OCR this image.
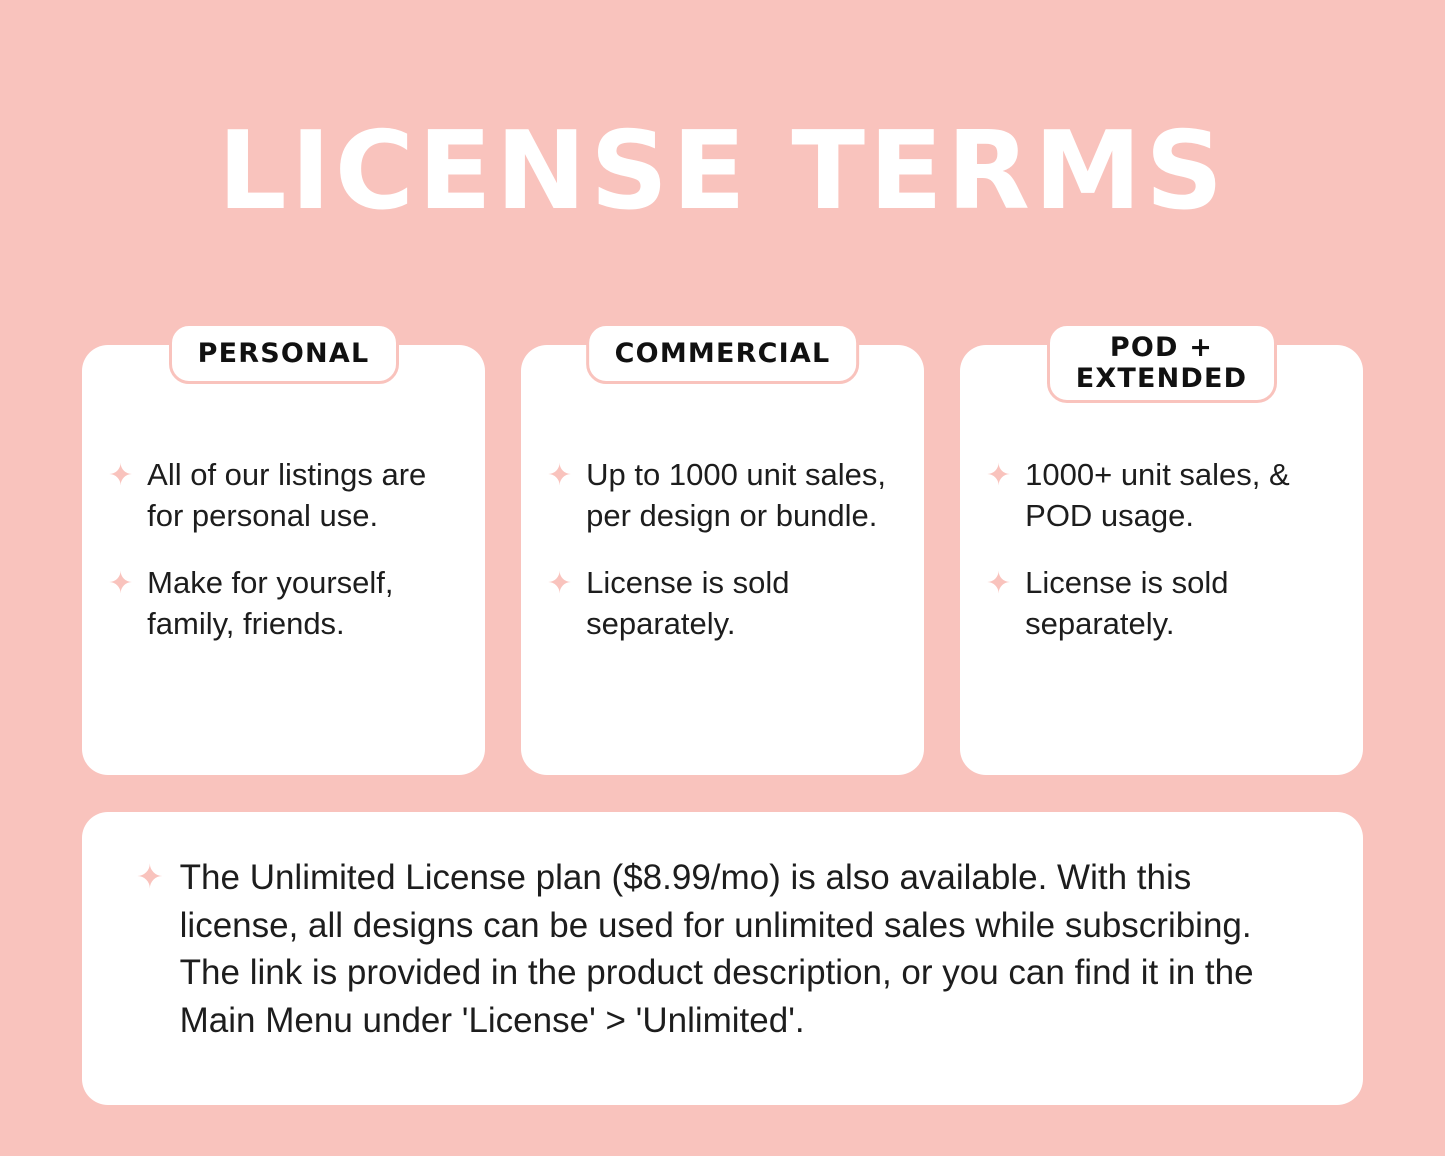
LICENSE TERMS
PERSONAL
✦ All of our listings are for personal use.
✦ Make for yourself, family, friends.
COMMERCIAL
✦ Up to 1000 unit sales, per design or bundle.
✦ License is sold separately.
POD + EXTENDED
✦ 1000+ unit sales, & POD usage.
✦ License is sold separately.
✦ The Unlimited License plan ($8.99/mo) is also available. With this license, all designs can be used for unlimited sales while subscribing. The link is provided in the product description, or you can find it in the Main Menu under 'License' > 'Unlimited'.
